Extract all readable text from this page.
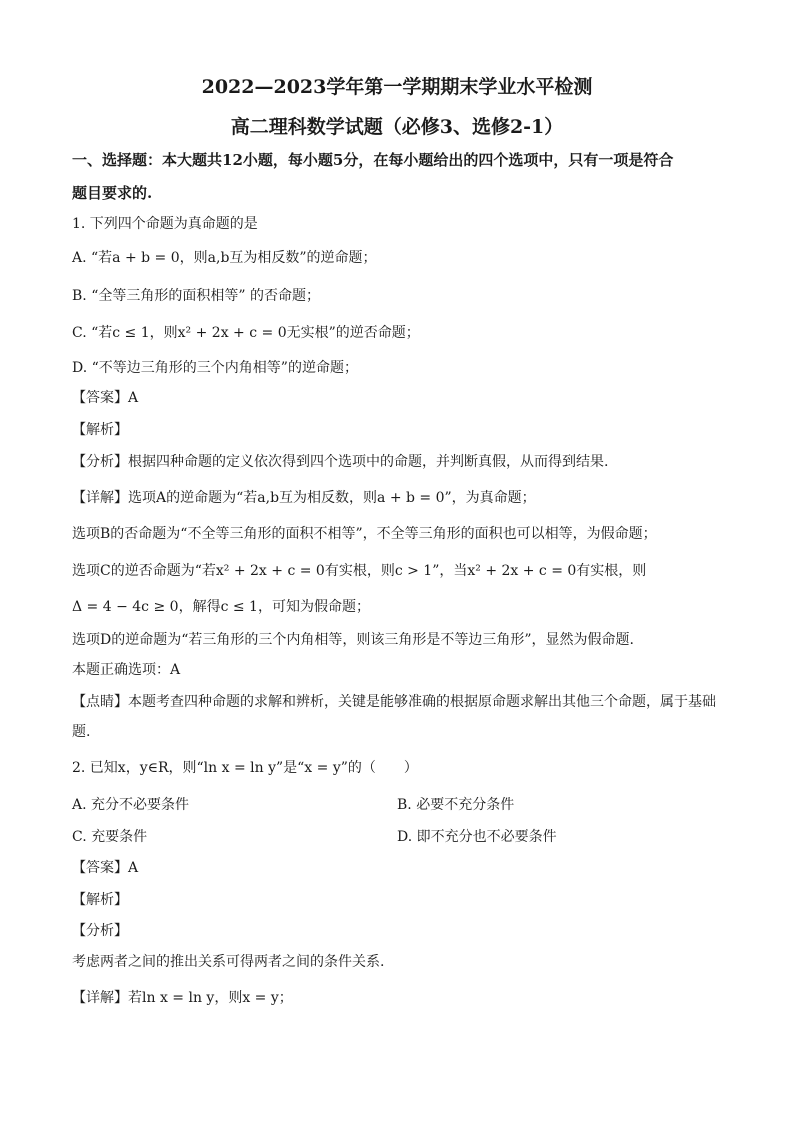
2022—2023学年第一学期期末学业水平检测
高二理科数学试题（必修3、选修2-1）
一、选择题：本大题共12小题，每小题5分，在每小题给出的四个选项中，只有一项是符合
题目要求的.
1. 下列四个命题为真命题的是
A. “若a + b = 0，则a,b互为相反数”的逆命题；
B. “全等三角形的面积相等” 的否命题；
C. “若c ≤ 1，则x² + 2x + c = 0无实根”的逆否命题；
D. “不等边三角形的三个内角相等”的逆命题；
【答案】A
【解析】
【分析】根据四种命题的定义依次得到四个选项中的命题，并判断真假，从而得到结果.
【详解】选项A的逆命题为“若a,b互为相反数，则a + b = 0”，为真命题；
选项B的否命题为“不全等三角形的面积不相等”，不全等三角形的面积也可以相等，为假命题；
选项C的逆否命题为“若x² + 2x + c = 0有实根，则c > 1”，当x² + 2x + c = 0有实根，则
Δ = 4 − 4c ≥ 0，解得c ≤ 1，可知为假命题；
选项D的逆命题为“若三角形的三个内角相等，则该三角形是不等边三角形”，显然为假命题.
本题正确选项：A
【点睛】本题考查四种命题的求解和辨析，关键是能够准确的根据原命题求解出其他三个命题，属于基础
题.
2. 已知x，y∈R，则“ln x = ln y”是“x = y”的（　　）
A. 充分不必要条件	B. 必要不充分条件
C. 充要条件	D. 即不充分也不必要条件
【答案】A
【解析】
【分析】
考虑两者之间的推出关系可得两者之间的条件关系.
【详解】若ln x = ln y，则x = y；
